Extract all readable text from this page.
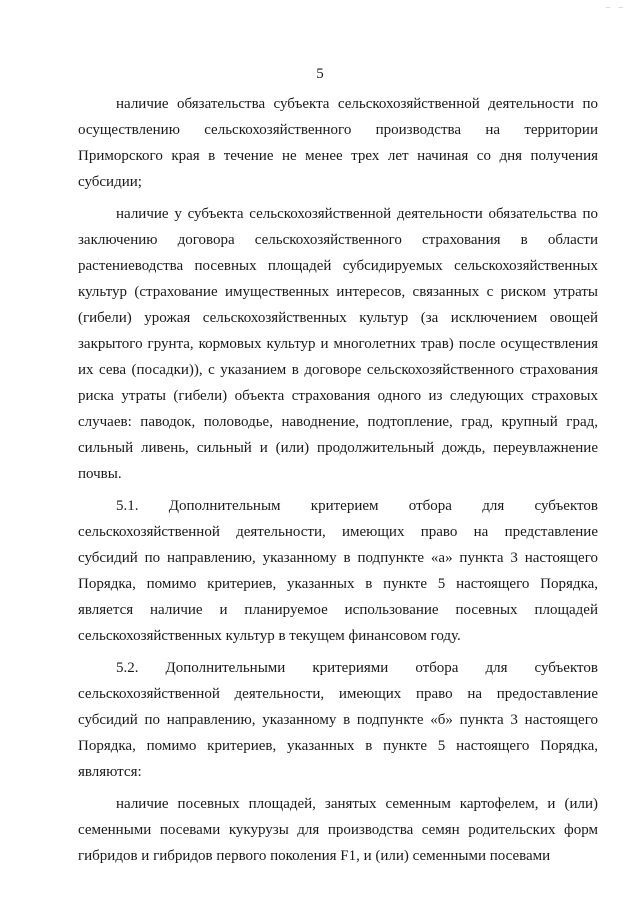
– –
5

наличие обязательства субъекта сельскохозяйственной деятельности по осуществлению сельскохозяйственного производства на территории Приморского края в течение не менее трех лет начиная со дня получения субсидии;

наличие у субъекта сельскохозяйственной деятельности обязательства по заключению договора сельскохозяйственного страхования в области растениеводства посевных площадей субсидируемых сельскохозяйственных культур (страхование имущественных интересов, связанных с риском утраты (гибели) урожая сельскохозяйственных культур (за исключением овощей закрытого грунта, кормовых культур и многолетних трав) после осуществления их сева (посадки)), с указанием в договоре сельскохозяйственного страхования риска утраты (гибели) объекта страхования одного из следующих страховых случаев: паводок, половодье, наводнение, подтопление, град, крупный град, сильный ливень, сильный и (или) продолжительный дождь, переувлажнение почвы.

5.1. Дополнительным критерием отбора для субъектов сельскохозяйственной деятельности, имеющих право на представление субсидий по направлению, указанному в подпункте «а» пункта 3 настоящего Порядка, помимо критериев, указанных в пункте 5 настоящего Порядка, является наличие и планируемое использование посевных площадей сельскохозяйственных культур в текущем финансовом году.

5.2. Дополнительными критериями отбора для субъектов сельскохозяйственной деятельности, имеющих право на предоставление субсидий по направлению, указанному в подпункте «б» пункта 3 настоящего Порядка, помимо критериев, указанных в пункте 5 настоящего Порядка, являются:

наличие посевных площадей, занятых семенным картофелем, и (или) семенными посевами кукурузы для производства семян родительских форм гибридов и гибридов первого поколения F1, и (или) семенными посевами
